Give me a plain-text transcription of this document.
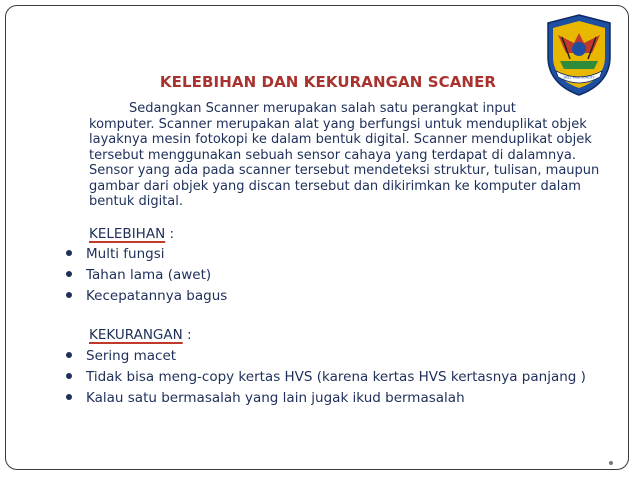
SKILL AND QUALITY
KELEBIHAN DAN KEKURANGAN SCANER
Sedangkan Scanner merupakan salah satu perangkat input
komputer. Scanner merupakan alat yang berfungsi untuk menduplikat objek layaknya mesin fotokopi ke dalam bentuk digital. Scanner menduplikat objek tersebut menggunakan sebuah sensor cahaya yang terdapat di dalamnya. Sensor yang ada pada scanner tersebut mendeteksi struktur, tulisan, maupun gambar dari objek yang discan tersebut dan dikirimkan ke komputer dalam bentuk digital.
KELEBIHAN :
Multi fungsi
Tahan lama (awet)
Kecepatannya bagus
KEKURANGAN :
Sering macet
Tidak bisa meng-copy kertas HVS (karena kertas HVS kertasnya panjang )
Kalau satu bermasalah yang lain jugak ikud bermasalah
